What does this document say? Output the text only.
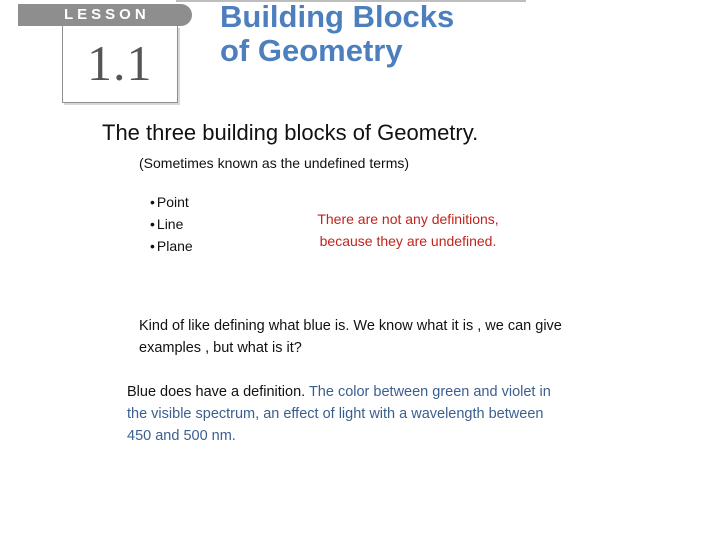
LESSON
1.1
Building Blocks
of Geometry
The three building blocks of Geometry.
(Sometimes known as the undefined terms)
• Point
• Line
• Plane
There are not any definitions,
because they are undefined.
Kind of like defining what blue is. We know what it is , we can give examples , but what is it?
Blue does have a definition. The color between green and violet in the visible spectrum, an effect of light with a wavelength between 450 and 500 nm.
